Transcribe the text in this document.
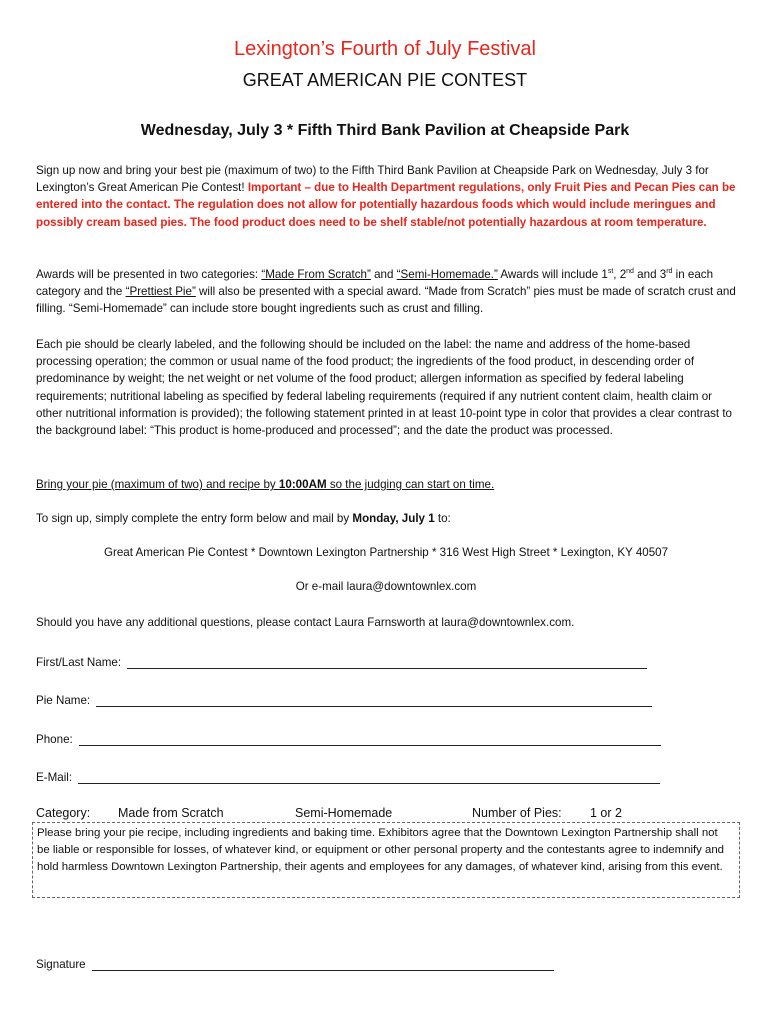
Lexington’s Fourth of July Festival
GREAT AMERICAN PIE CONTEST
Wednesday, July 3 * Fifth Third Bank Pavilion at Cheapside Park
Sign up now and bring your best pie (maximum of two) to the Fifth Third Bank Pavilion at Cheapside Park on Wednesday, July 3 for Lexington’s Great American Pie Contest! Important – due to Health Department regulations, only Fruit Pies and Pecan Pies can be entered into the contact. The regulation does not allow for potentially hazardous foods which would include meringues and possibly cream based pies. The food product does need to be shelf stable/not potentially hazardous at room temperature.
Awards will be presented in two categories: “Made From Scratch” and “Semi-Homemade.” Awards will include 1st, 2nd and 3rd in each category and the “Prettiest Pie” will also be presented with a special award. “Made from Scratch” pies must be made of scratch crust and filling. “Semi-Homemade” can include store bought ingredients such as crust and filling.
Each pie should be clearly labeled, and the following should be included on the label: the name and address of the home-based processing operation; the common or usual name of the food product; the ingredients of the food product, in descending order of predominance by weight; the net weight or net volume of the food product; allergen information as specified by federal labeling requirements; nutritional labeling as specified by federal labeling requirements (required if any nutrient content claim, health claim or other nutritional information is provided); the following statement printed in at least 10-point type in color that provides a clear contrast to the background label: “This product is home-produced and processed”; and the date the product was processed.
Bring your pie (maximum of two) and recipe by 10:00AM so the judging can start on time.
To sign up, simply complete the entry form below and mail by Monday, July 1 to:
Great American Pie Contest * Downtown Lexington Partnership * 316 West High Street * Lexington, KY 40507
Or e-mail laura@downtownlex.com
Should you have any additional questions, please contact Laura Farnsworth at laura@downtownlex.com.
First/Last Name:
Pie Name:
Phone:
E-Mail:
Category: Made from Scratch	Semi-Homemade	Number of Pies: 1 or 2
Please bring your pie recipe, including ingredients and baking time. Exhibitors agree that the Downtown Lexington Partnership shall not be liable or responsible for losses, of whatever kind, or equipment or other personal property and the contestants agree to indemnify and hold harmless Downtown Lexington Partnership, their agents and employees for any damages, of whatever kind, arising from this event.
Signature
